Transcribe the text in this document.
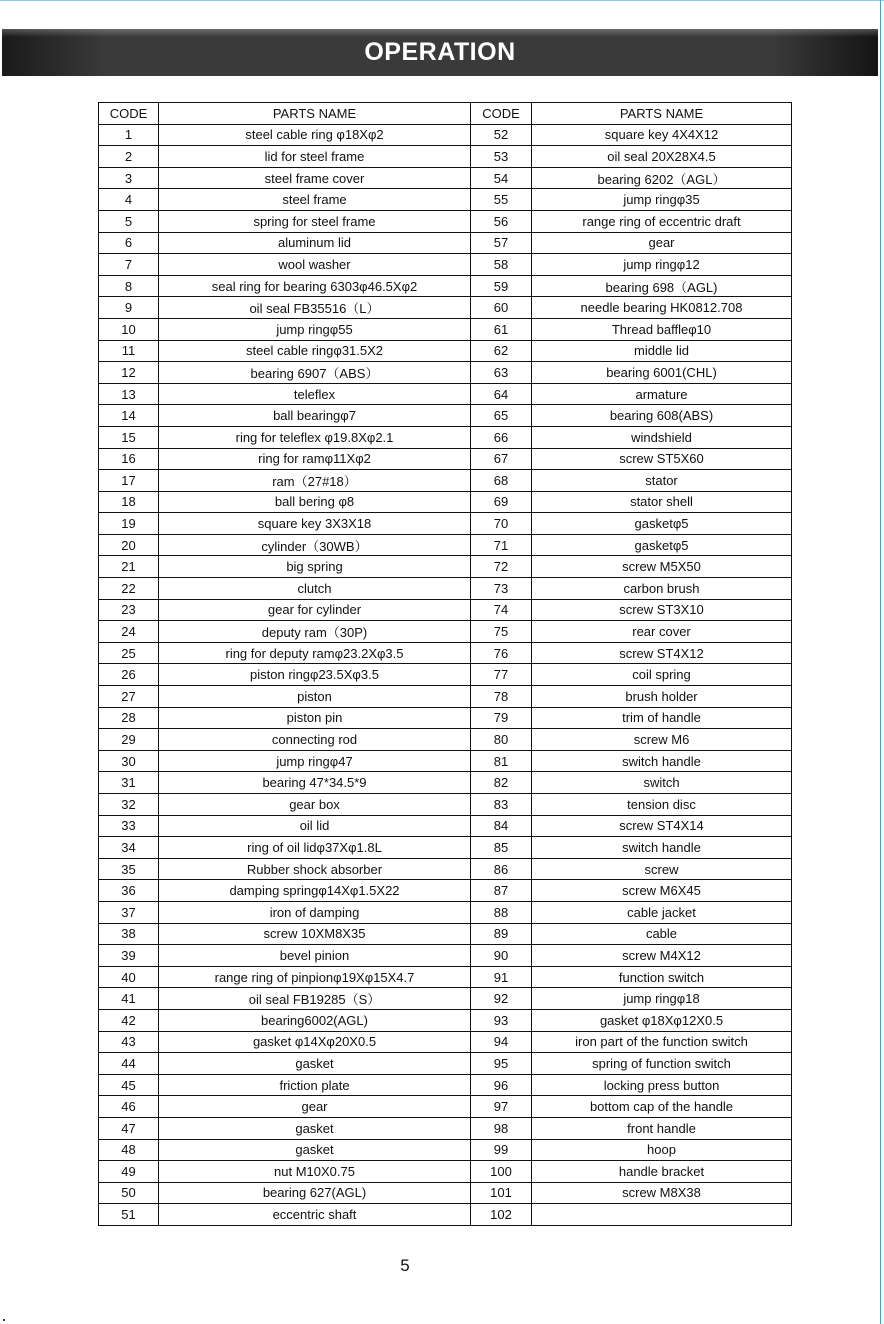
OPERATION
CODE	PARTS NAME	CODE	PARTS NAME
1	steel cable ring φ18Xφ2	52	square key 4X4X12
2	lid for steel frame	53	oil seal 20X28X4.5
3	steel frame cover	54	bearing 6202（AGL）
4	steel frame	55	jump ringφ35
5	spring for steel frame	56	range ring of eccentric draft
6	aluminum lid	57	gear
7	wool washer	58	jump ringφ12
8	seal ring for bearing 6303φ46.5Xφ2	59	bearing 698（AGL)
9	oil seal FB35516（L）	60	needle bearing HK0812.708
10	jump ringφ55	61	Thread baffleφ10
11	steel cable ringφ31.5X2	62	middle lid
12	bearing 6907（ABS）	63	bearing 6001(CHL)
13	teleflex	64	armature
14	ball bearingφ7	65	bearing 608(ABS)
15	ring for teleflex φ19.8Xφ2.1	66	windshield
16	ring for ramφ11Xφ2	67	screw ST5X60
17	ram（27#18）	68	stator
18	ball bering φ8	69	stator shell
19	square key 3X3X18	70	gasketφ5
20	cylinder（30WB）	71	gasketφ5
21	big spring	72	screw M5X50
22	clutch	73	carbon brush
23	gear for cylinder	74	screw ST3X10
24	deputy ram（30P)	75	rear cover
25	ring for deputy ramφ23.2Xφ3.5	76	screw ST4X12
26	piston ringφ23.5Xφ3.5	77	coil spring
27	piston	78	brush holder
28	piston pin	79	trim of handle
29	connecting rod	80	screw M6
30	jump ringφ47	81	switch handle
31	bearing 47*34.5*9	82	switch
32	gear box	83	tension disc
33	oil lid	84	screw ST4X14
34	ring of oil lidφ37Xφ1.8L	85	switch handle
35	Rubber shock absorber	86	screw
36	damping springφ14Xφ1.5X22	87	screw M6X45
37	iron of damping	88	cable jacket
38	screw 10XM8X35	89	cable
39	bevel pinion	90	screw M4X12
40	range ring of pinpionφ19Xφ15X4.7	91	function switch
41	oil seal FB19285（S）	92	jump ringφ18
42	bearing6002(AGL)	93	gasket φ18Xφ12X0.5
43	gasket φ14Xφ20X0.5	94	iron part of the function switch
44	gasket	95	spring of function switch
45	friction plate	96	locking press button
46	gear	97	bottom cap of the handle
47	gasket	98	front handle
48	gasket	99	hoop
49	nut M10X0.75	100	handle bracket
50	bearing 627(AGL)	101	screw M8X38
51	eccentric shaft	102	
5
